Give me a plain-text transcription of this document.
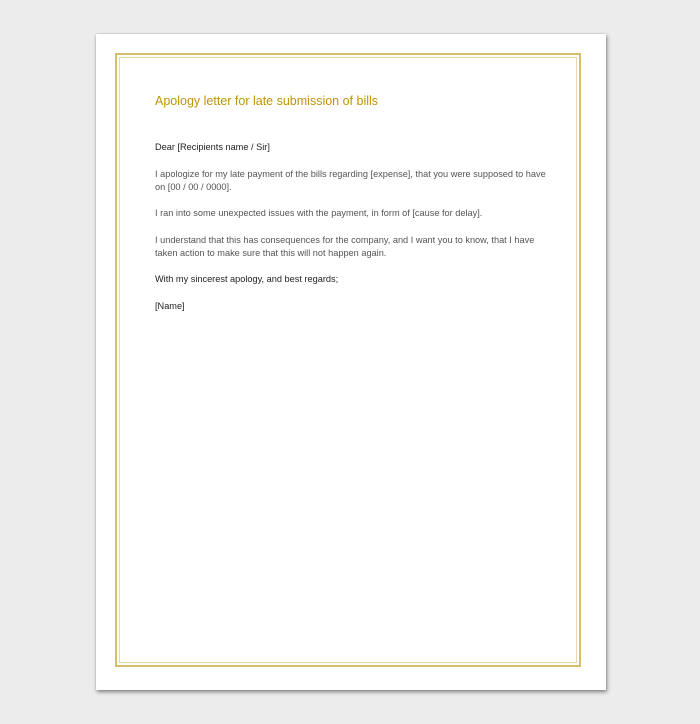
Apology letter for late submission of bills

Dear [Recipients name / Sir]

I apologize for my late payment of the bills regarding [expense], that you were supposed to have
on [00 / 00 / 0000].

I ran into some unexpected issues with the payment, in form of [cause for delay].

I understand that this has consequences for the company, and I want you to know, that I have
taken action to make sure that this will not happen again.

With my sincerest apology, and best regards;

[Name]
